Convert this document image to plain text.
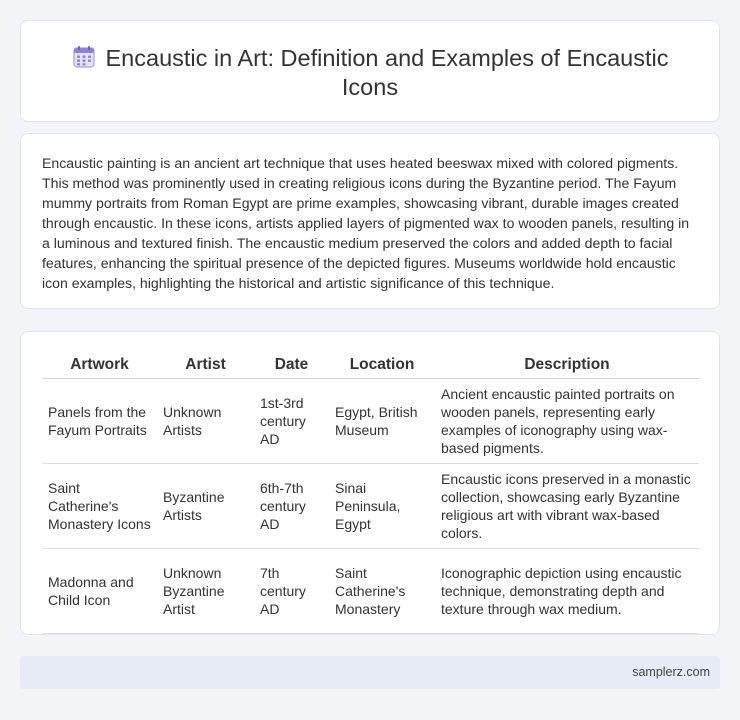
Encaustic in Art: Definition and Examples of Encaustic Icons

Encaustic painting is an ancient art technique that uses heated beeswax mixed with colored pigments. This method was prominently used in creating religious icons during the Byzantine period. The Fayum mummy portraits from Roman Egypt are prime examples, showcasing vibrant, durable images created through encaustic. In these icons, artists applied layers of pigmented wax to wooden panels, resulting in a luminous and textured finish. The encaustic medium preserved the colors and added depth to facial features, enhancing the spiritual presence of the depicted figures. Museums worldwide hold encaustic icon examples, highlighting the historical and artistic significance of this technique.

Artwork	Artist	Date	Location	Description
Panels from the Fayum Portraits	Unknown Artists	1st-3rd century AD	Egypt, British Museum	Ancient encaustic painted portraits on wooden panels, representing early examples of iconography using wax-based pigments.
Saint Catherine's Monastery Icons	Byzantine Artists	6th-7th century AD	Sinai Peninsula, Egypt	Encaustic icons preserved in a monastic collection, showcasing early Byzantine religious art with vibrant wax-based colors.
Madonna and Child Icon	Unknown Byzantine Artist	7th century AD	Saint Catherine's Monastery	Iconographic depiction using encaustic technique, demonstrating depth and texture through wax medium.
samplerz.com
